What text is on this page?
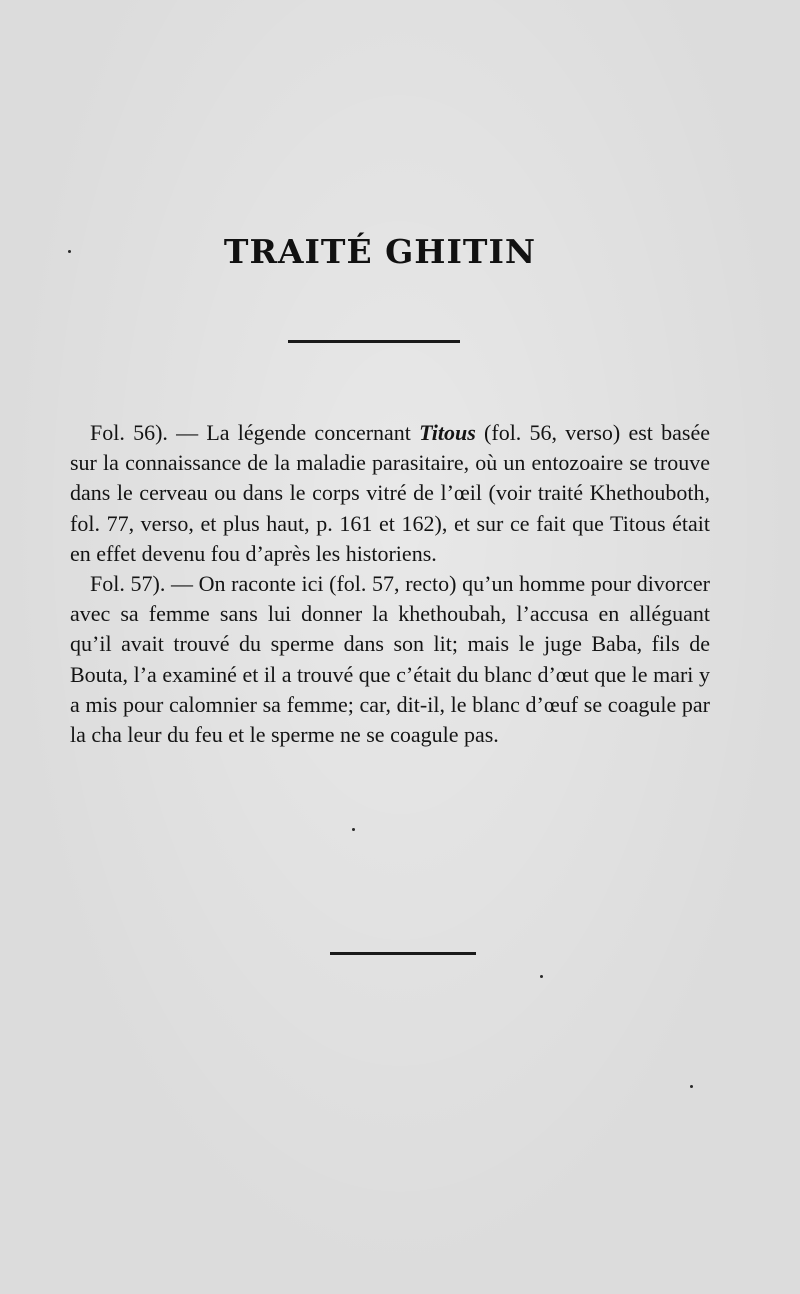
TRAITÉ GHITIN

Fol. 56). — La légende concernant Titous (fol. 56, verso) est basée sur la connaissance de la maladie parasitaire, où un entozoaire se trouve dans le cerveau ou dans le corps vitré de l’œil (voir traité Khethouboth, fol. 77, verso, et plus haut, p. 161 et 162), et sur ce fait que Titous était en effet devenu fou d’après les historiens.

Fol. 57). — On raconte ici (fol. 57, recto) qu’un homme pour divorcer avec sa femme sans lui donner la khethoubah, l’accusa en alléguant qu’il avait trouvé du sperme dans son lit; mais le juge Baba, fils de Bouta, l’a examiné et il a trouvé que c’était du blanc d’œut que le mari y a mis pour calomnier sa femme; car, dit-il, le blanc d’œuf se coagule par la cha leur du feu et le sperme ne se coagule pas.
